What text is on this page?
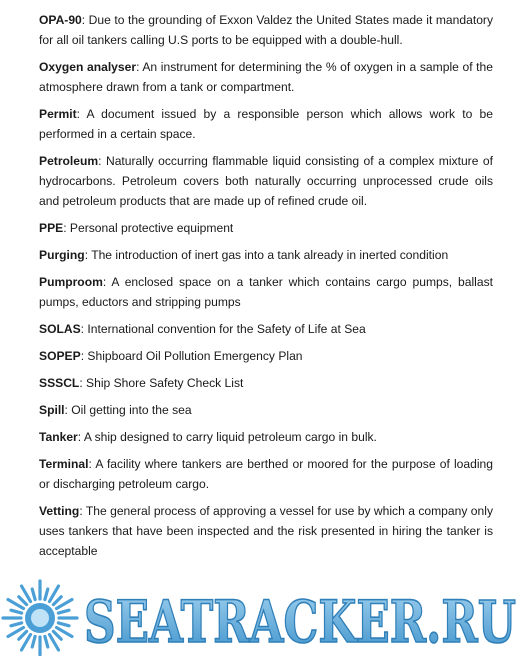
OPA-90: Due to the grounding of Exxon Valdez the United States made it mandatory for all oil tankers calling U.S ports to be equipped with a double-hull.

Oxygen analyser: An instrument for determining the % of oxygen in a sample of the atmosphere drawn from a tank or compartment.

Permit: A document issued by a responsible person which allows work to be performed in a certain space.

Petroleum: Naturally occurring flammable liquid consisting of a complex mixture of hydrocarbons. Petroleum covers both naturally occurring unprocessed crude oils and petroleum products that are made up of refined crude oil.

PPE: Personal protective equipment

Purging: The introduction of inert gas into a tank already in inerted condition

Pumproom: A enclosed space on a tanker which contains cargo pumps, ballast pumps, eductors and stripping pumps

SOLAS: International convention for the Safety of Life at Sea

SOPEP: Shipboard Oil Pollution Emergency Plan

SSSCL: Ship Shore Safety Check List

Spill: Oil getting into the sea

Tanker: A ship designed to carry liquid petroleum cargo in bulk.

Terminal: A facility where tankers are berthed or moored for the purpose of loading or discharging petroleum cargo.

Vetting: The general process of approving a vessel for use by which a company only uses tankers that have been inspected and the risk presented in hiring the tanker is acceptable

SEATRACKER.RU
